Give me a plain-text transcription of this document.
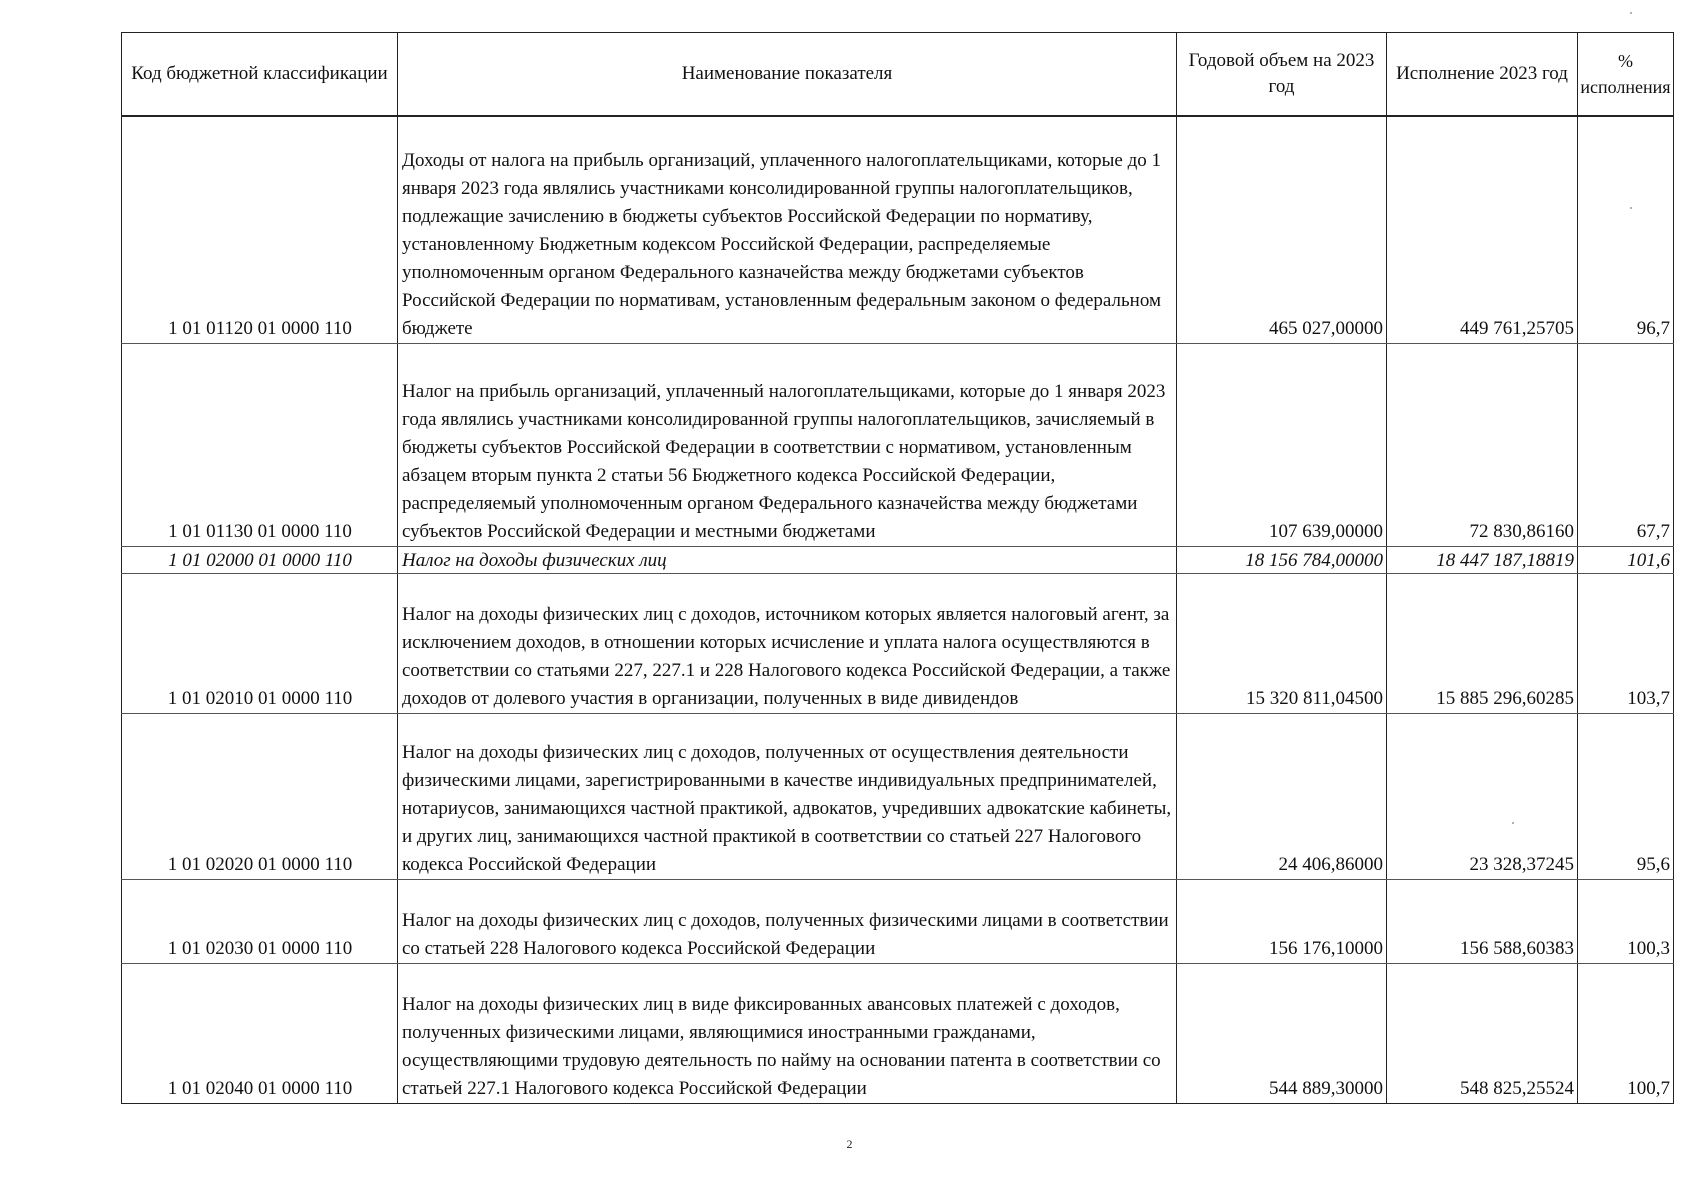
Код бюджетной классификации	Наименование показателя	Годовой объем на 2023 год	Исполнение 2023 год	% исполнения
1 01 01120 01 0000 110	Доходы от налога на прибыль организаций, уплаченного налогоплательщиками, которые до 1 января 2023 года являлись участниками консолидированной группы налогоплательщиков, подлежащие зачислению в бюджеты субъектов Российской Федерации по нормативу, установленному Бюджетным кодексом Российской Федерации, распределяемые уполномоченным органом Федерального казначейства между бюджетами субъектов Российской Федерации по нормативам, установленным федеральным законом о федеральном бюджете	465 027,00000	449 761,25705	96,7
1 01 01130 01 0000 110	Налог на прибыль организаций, уплаченный налогоплательщиками, которые до 1 января 2023 года являлись участниками консолидированной группы налогоплательщиков, зачисляемый в бюджеты субъектов Российской Федерации в соответствии с нормативом, установленным абзацем вторым пункта 2 статьи 56 Бюджетного кодекса Российской Федерации, распределяемый уполномоченным органом Федерального казначейства между бюджетами субъектов Российской Федерации и местными бюджетами	107 639,00000	72 830,86160	67,7
1 01 02000 01 0000 110	Налог на доходы физических лиц	18 156 784,00000	18 447 187,18819	101,6
1 01 02010 01 0000 110	Налог на доходы физических лиц с доходов, источником которых является налоговый агент, за исключением доходов, в отношении которых исчисление и уплата налога осуществляются в соответствии со статьями 227, 227.1 и 228 Налогового кодекса Российской Федерации, а также доходов от долевого участия в организации, полученных в виде дивидендов	15 320 811,04500	15 885 296,60285	103,7
1 01 02020 01 0000 110	Налог на доходы физических лиц с доходов, полученных от осуществления деятельности физическими лицами, зарегистрированными в качестве индивидуальных предпринимателей, нотариусов, занимающихся частной практикой, адвокатов, учредивших адвокатские кабинеты, и других лиц, занимающихся частной практикой в соответствии со статьей 227 Налогового кодекса Российской Федерации	24 406,86000	23 328,37245	95,6
1 01 02030 01 0000 110	Налог на доходы физических лиц с доходов, полученных физическими лицами в соответствии со статьей 228 Налогового кодекса Российской Федерации	156 176,10000	156 588,60383	100,3
1 01 02040 01 0000 110	Налог на доходы физических лиц в виде фиксированных авансовых платежей с доходов, полученных физическими лицами, являющимися иностранными гражданами, осуществляющими трудовую деятельность по найму на основании патента в соответствии со статьей 227.1 Налогового кодекса Российской Федерации	544 889,30000	548 825,25524	100,7
2
